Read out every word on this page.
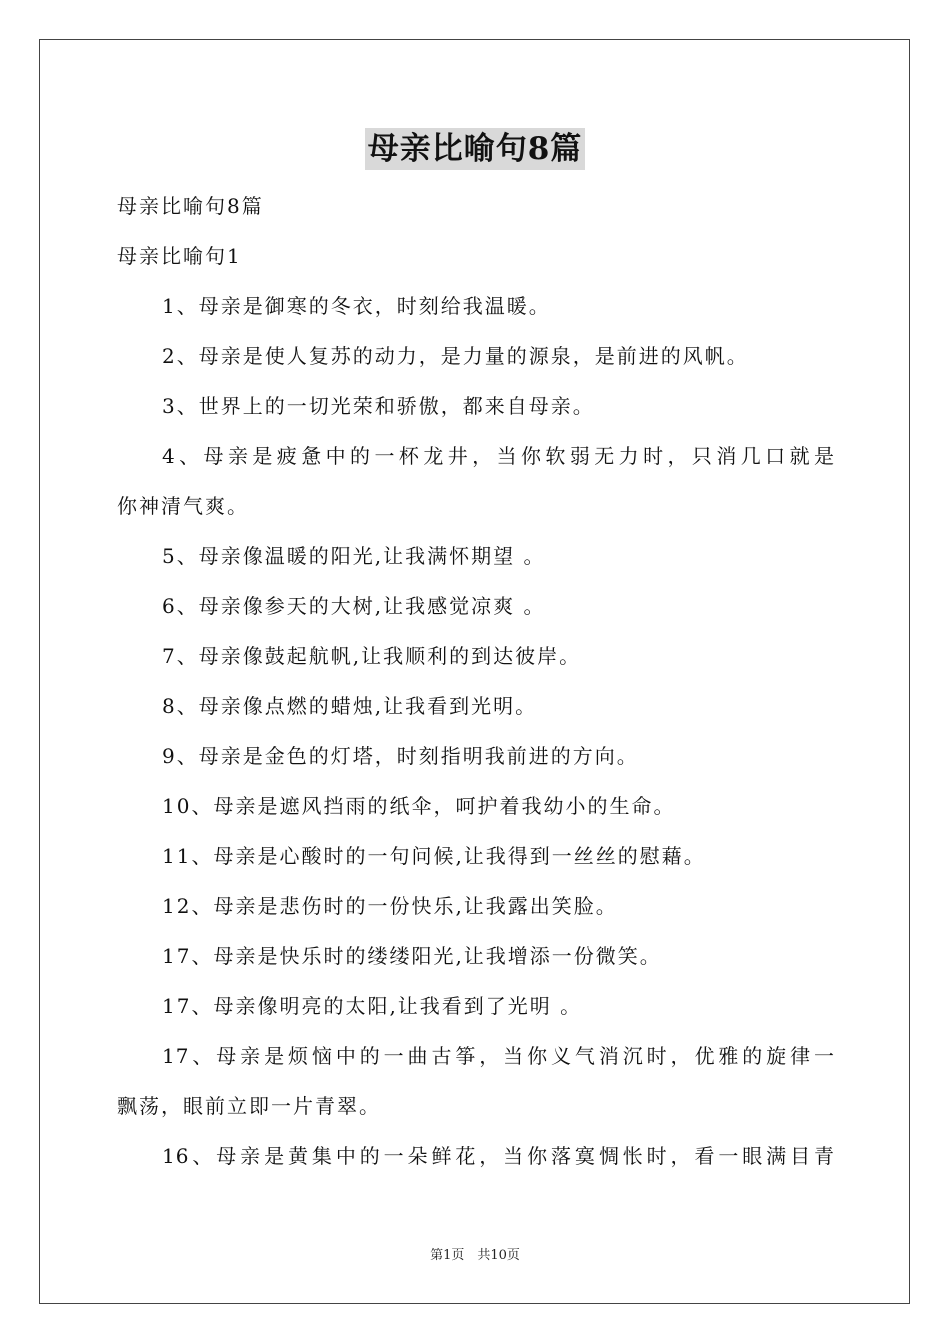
母亲比喻句8篇
母亲比喻句8篇
母亲比喻句1
1、母亲是御寒的冬衣，时刻给我温暖。
2、母亲是使人复苏的动力，是力量的源泉，是前进的风帆。
3、世界上的一切光荣和骄傲，都来自母亲。
4、母亲是疲惫中的一杯龙井，当你软弱无力时，只消几口就是
你神清气爽。
5、母亲像温暖的阳光,让我满怀期望 。
6、母亲像参天的大树,让我感觉凉爽 。
7、母亲像鼓起航帆,让我顺利的到达彼岸。
8、母亲像点燃的蜡烛,让我看到光明。
9、母亲是金色的灯塔，时刻指明我前进的方向。
10、母亲是遮风挡雨的纸伞，呵护着我幼小的生命。
11、母亲是心酸时的一句问候,让我得到一丝丝的慰藉。
12、母亲是悲伤时的一份快乐,让我露出笑脸。
17、母亲是快乐时的缕缕阳光,让我增添一份微笑。
17、母亲像明亮的太阳,让我看到了光明 。
17、母亲是烦恼中的一曲古筝，当你义气消沉时，优雅的旋律一
飘荡，眼前立即一片青翠。
16、母亲是黄集中的一朵鲜花，当你落寞惆怅时，看一眼满目青
第1页　共10页
